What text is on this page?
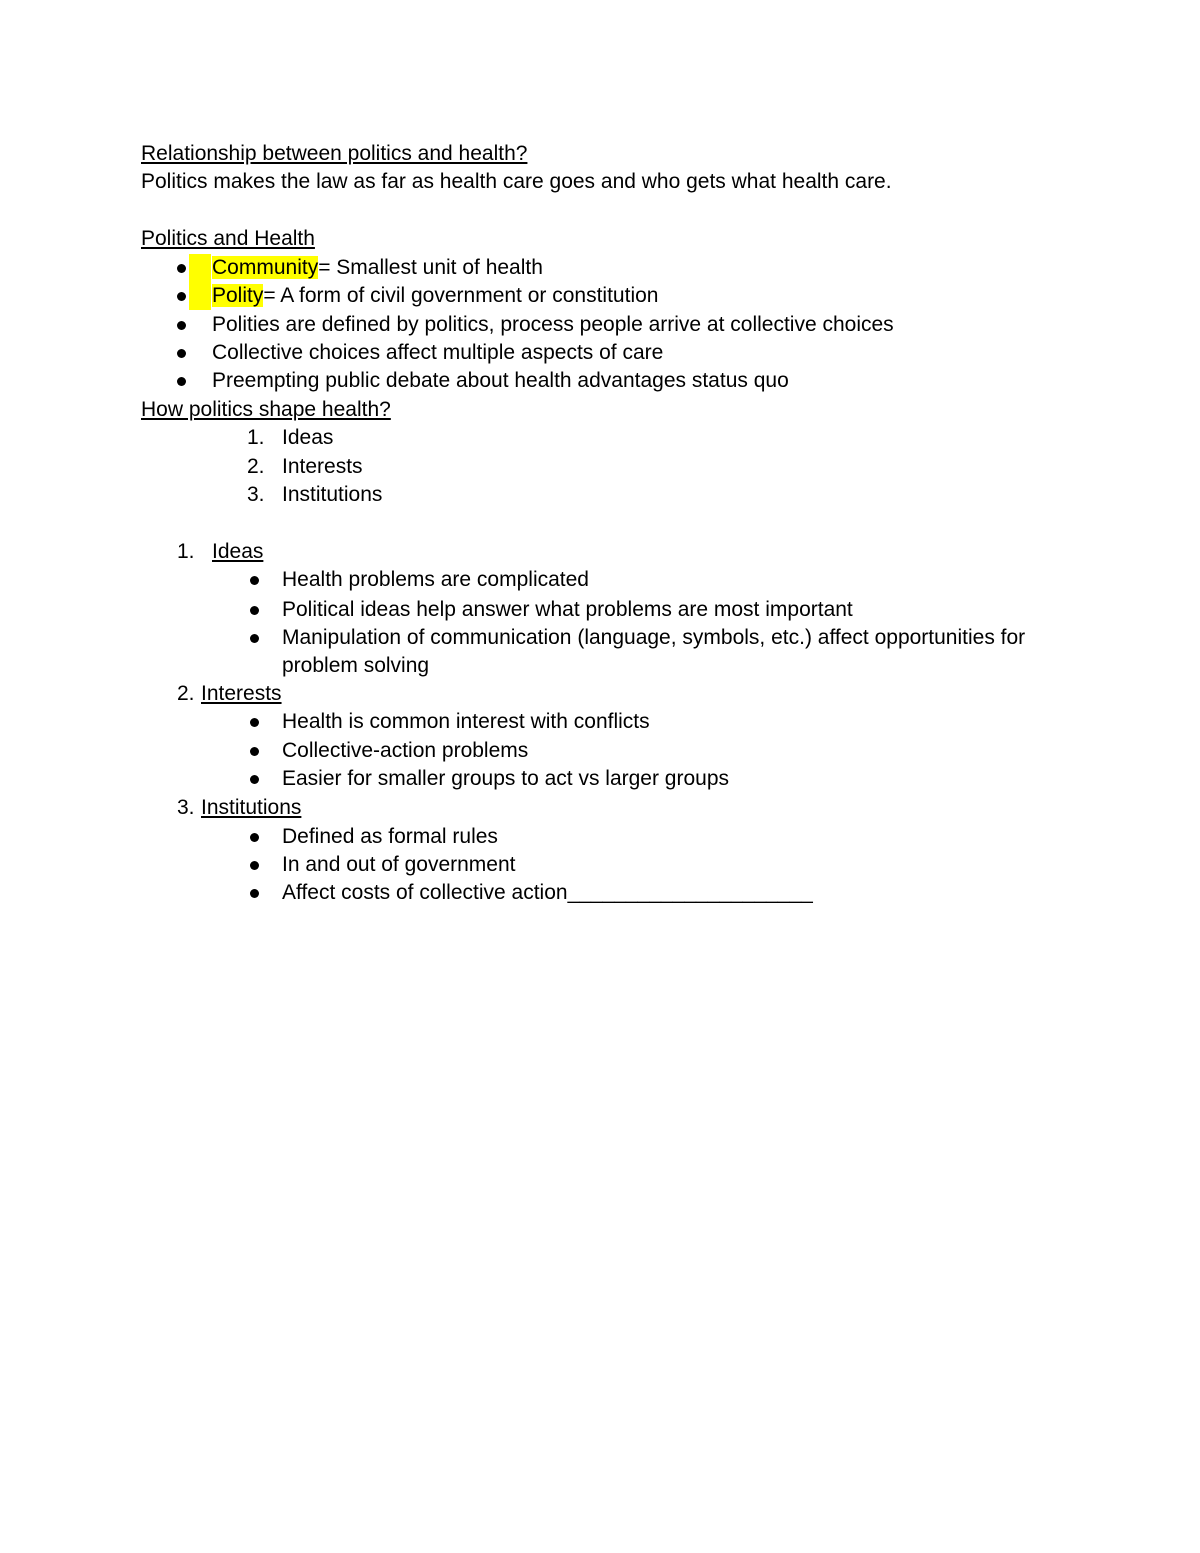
Relationship between politics and health?
Politics makes the law as far as health care goes and who gets what health care.
Politics and Health
Community= Smallest unit of health
Polity= A form of civil government or constitution
Polities are defined by politics, process people arrive at collective choices
Collective choices affect multiple aspects of care
Preempting public debate about health advantages status quo
How politics shape health?
1. Ideas
2. Interests
3. Institutions
1. Ideas
Health problems are complicated
Political ideas help answer what problems are most important
Manipulation of communication (language, symbols, etc.) affect opportunities for
problem solving
2. Interests
Health is common interest with conflicts
Collective-action problems
Easier for smaller groups to act vs larger groups
3. Institutions
Defined as formal rules
In and out of government
Affect costs of collective action_____________________
